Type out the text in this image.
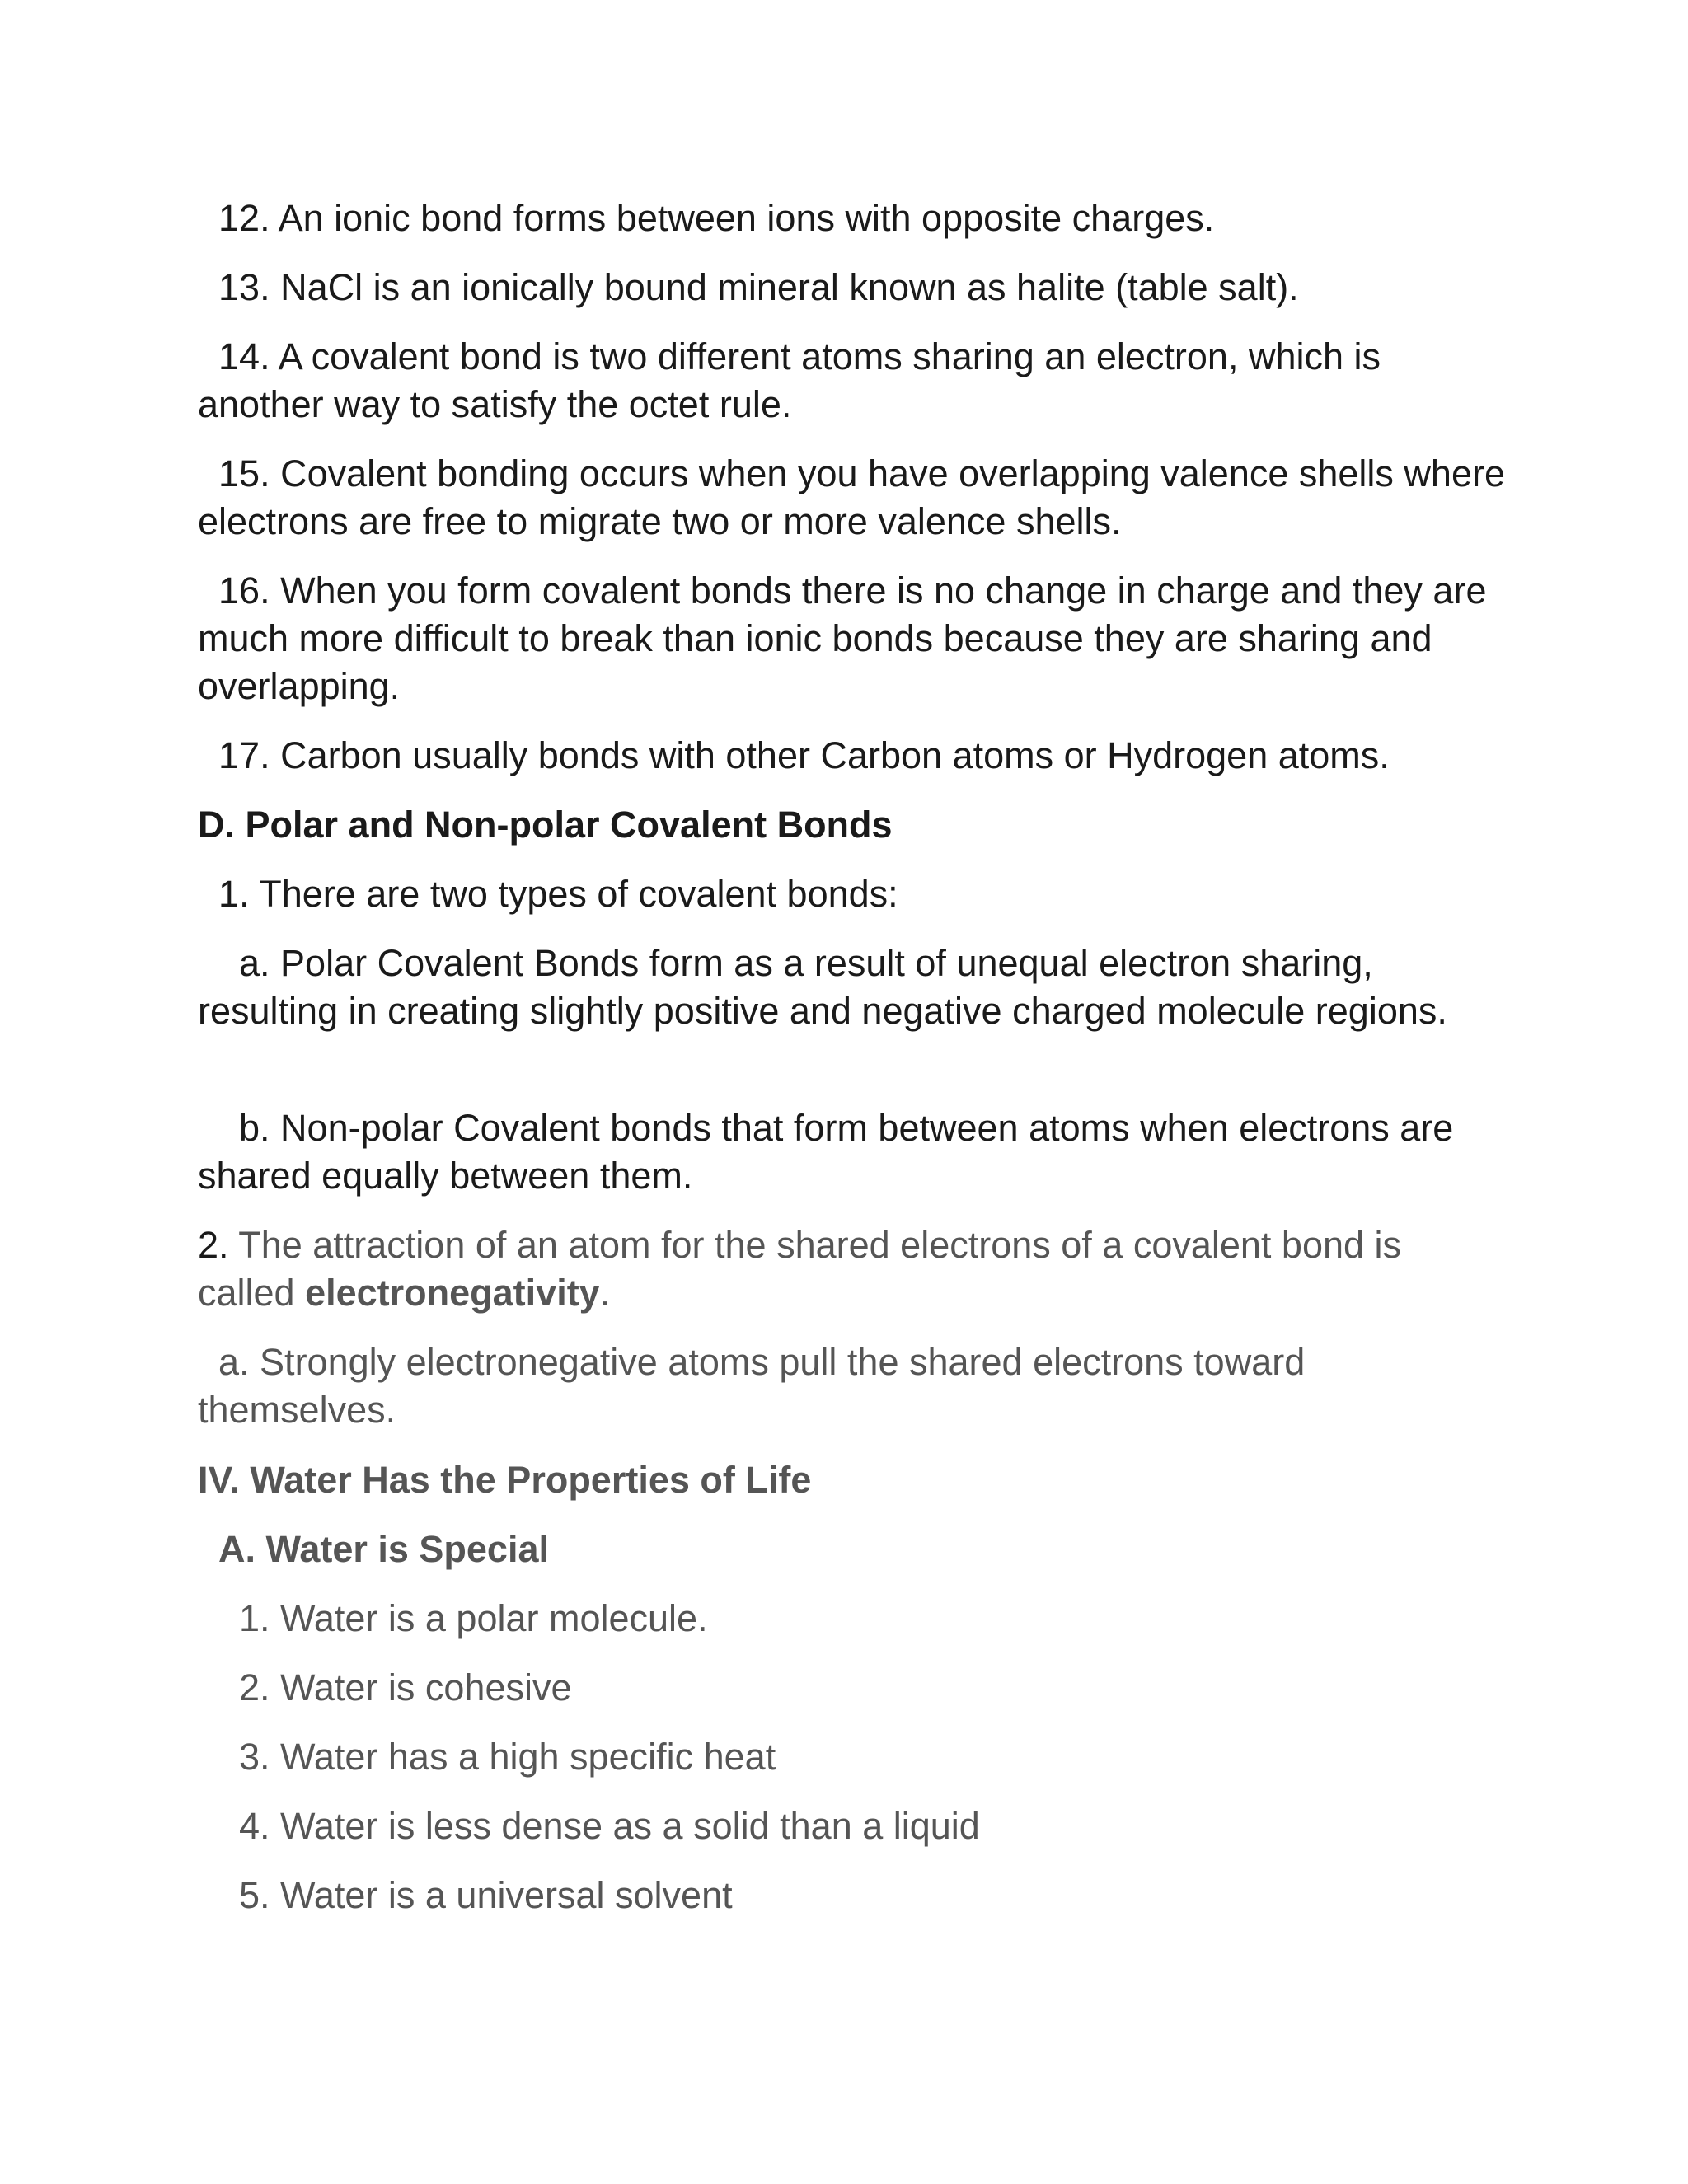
12. An ionic bond forms between ions with opposite charges.

13. NaCl is an ionically bound mineral known as halite (table salt).

14. A covalent bond is two different atoms sharing an electron, which is another way to satisfy the octet rule.

15. Covalent bonding occurs when you have overlapping valence shells where electrons are free to migrate two or more valence shells.

16. When you form covalent bonds there is no change in charge and they are much more difficult to break than ionic bonds because they are sharing and overlapping.

17. Carbon usually bonds with other Carbon atoms or Hydrogen atoms.

D. Polar and Non-polar Covalent Bonds

1. There are two types of covalent bonds:

a. Polar Covalent Bonds form as a result of unequal electron sharing, resulting in creating slightly positive and negative charged molecule regions.

b. Non-polar Covalent bonds that form between atoms when electrons are shared equally between them.

2. The attraction of an atom for the shared electrons of a covalent bond is called electronegativity.

a. Strongly electronegative atoms pull the shared electrons toward themselves.

IV. Water Has the Properties of Life

A. Water is Special

1. Water is a polar molecule.

2. Water is cohesive

3. Water has a high specific heat

4. Water is less dense as a solid than a liquid

5. Water is a universal solvent
